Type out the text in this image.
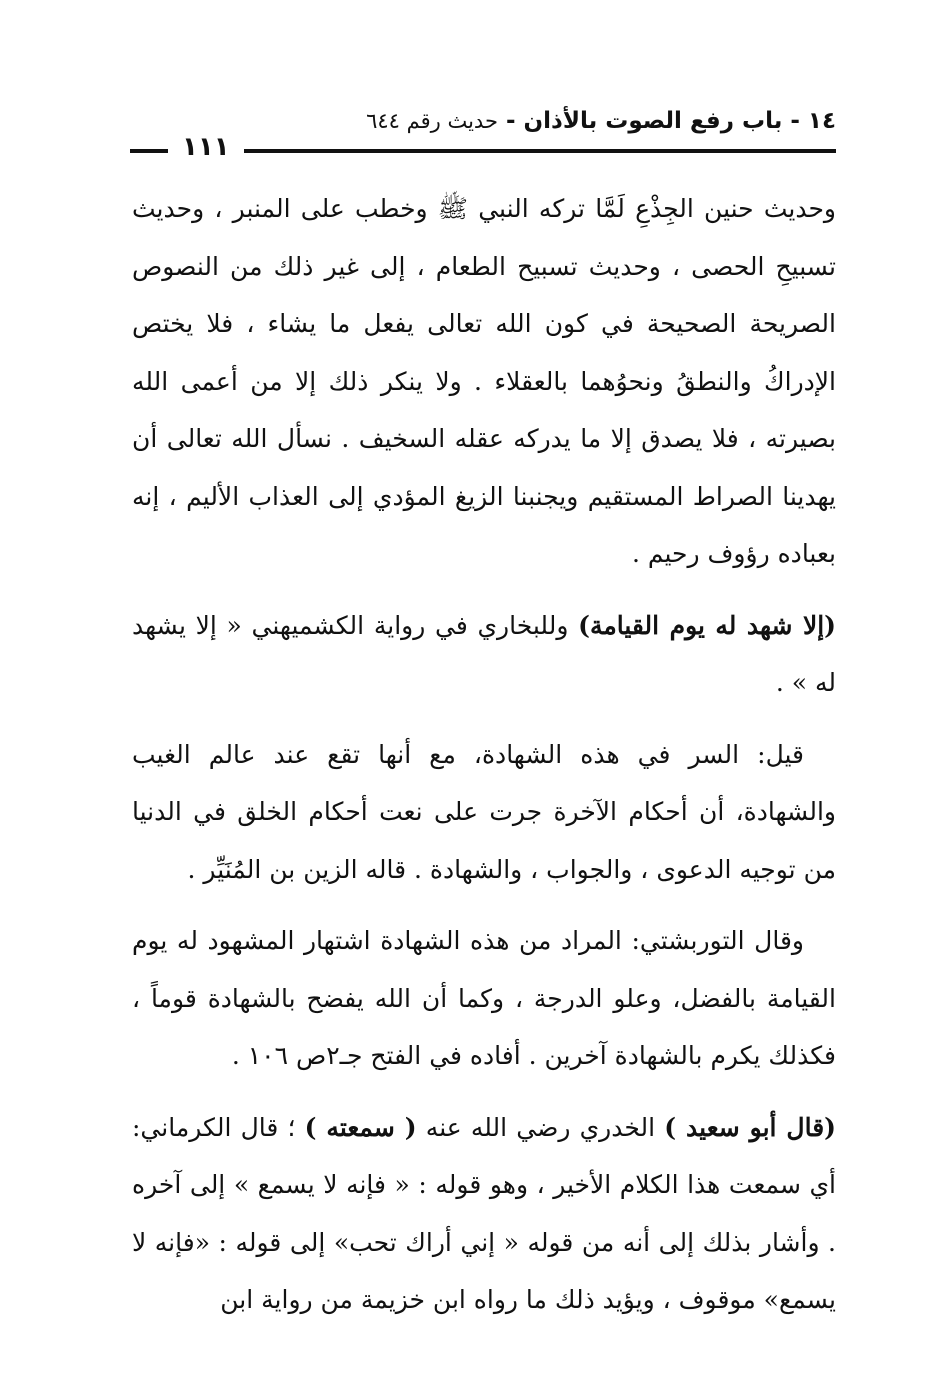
١٤ - باب رفع الصوت بالأذان - حديث رقم ٦٤٤
١١١

وحديث حنين الجِذْعِ لَمَّا تركه النبي ﷺ وخطب على المنبر ، وحديث تسبيحِ الحصى ، وحديث تسبيح الطعام ، إلى غير ذلك من النصوص الصريحة الصحيحة في كون الله تعالى يفعل ما يشاء ، فلا يختص الإدراكُ والنطقُ ونحوُهما بالعقلاء . ولا ينكر ذلك إلا من أعمى الله بصيرته ، فلا يصدق إلا ما يدركه عقله السخيف . نسأل الله تعالى أن يهدينا الصراط المستقيم ويجنبنا الزيغ المؤدي إلى العذاب الأليم ، إنه بعباده رؤوف رحيم .

(إلا شهد له يوم القيامة) وللبخاري في رواية الكشميهني « إلا يشهد له » .

قيل: السر في هذه الشهادة، مع أنها تقع عند عالم الغيب والشهادة، أن أحكام الآخرة جرت على نعت أحكام الخلق في الدنيا من توجيه الدعوى ، والجواب ، والشهادة . قاله الزين بن المُنَيِّر .

وقال التوربشتي: المراد من هذه الشهادة اشتهار المشهود له يوم القيامة بالفضل، وعلو الدرجة ، وكما أن الله يفضح بالشهادة قوماً ، فكذلك يكرم بالشهادة آخرين . أفاده في الفتح جـ٢ص ١٠٦ .

(قال أبو سعيد ) الخدري رضي الله عنه ( سمعته ) ؛ قال الكرماني: أي سمعت هذا الكلام الأخير ، وهو قوله : « فإنه لا يسمع » إلى آخره . وأشار بذلك إلى أنه من قوله « إني أراك تحب» إلى قوله : «فإنه لا يسمع» موقوف ، ويؤيد ذلك ما رواه ابن خزيمة من رواية ابن
